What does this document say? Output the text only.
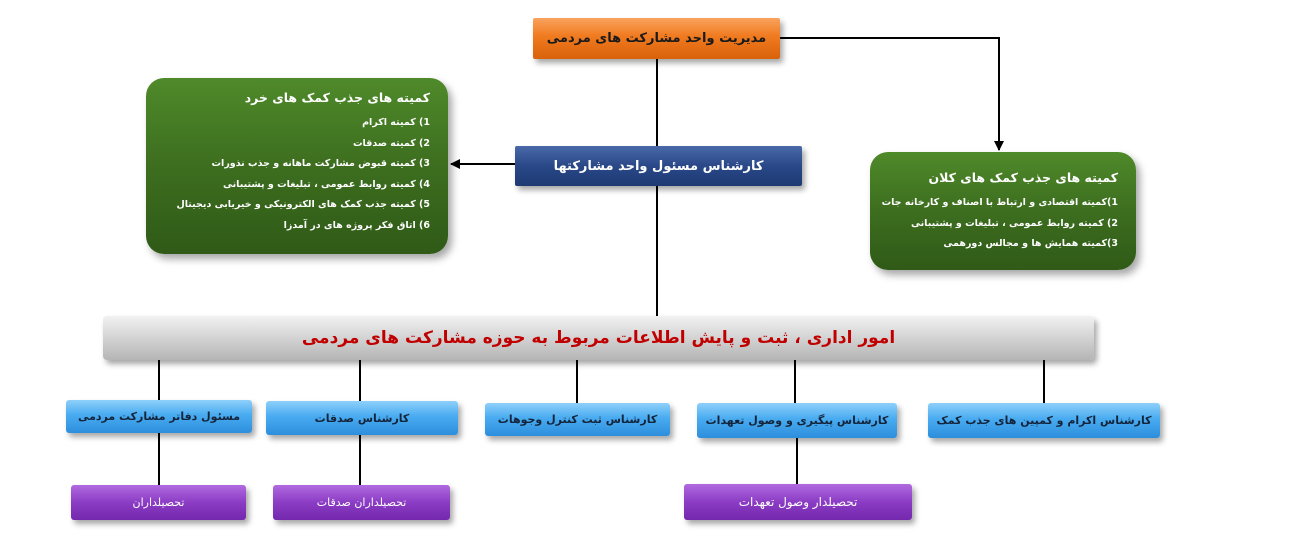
مدیریت واحد مشارکت های مردمی
کارشناس مسئول واحد مشارکتها
کمیته های جذب کمک های خرد
1) کمیته اکرام
2) کمیته صدقات
3) کمیته قبوض مشارکت ماهانه و جذب نذورات
4) کمیته روابط عمومی ، تبلیغات و پشتیبانی
5) کمیته جذب کمک های الکترونیکی و خیریابی دیجیتال
6) اتاق فکر پروژه های در آمدزا
کمیته های جذب کمک های کلان
1)کمیته اقتصادی و ارتباط با اصناف و کارخانه جات
2) کمیته روابط عمومی ، تبلیغات و پشتیبانی
3)کمیته همایش ها و مجالس دورهمی
امور اداری ، ثبت و پایش اطلاعات مربوط به حوزه مشارکت های مردمی
کارشناس اکرام و کمپین های جذب کمک
کارشناس پیگیری و وصول تعهدات
کارشناس ثبت کنترل وجوهات
کارشناس صدقات
مسئول دفاتر مشارکت مردمی
تحصیلدار وصول تعهدات
تحصیلداران صدقات
تحصیلداران
